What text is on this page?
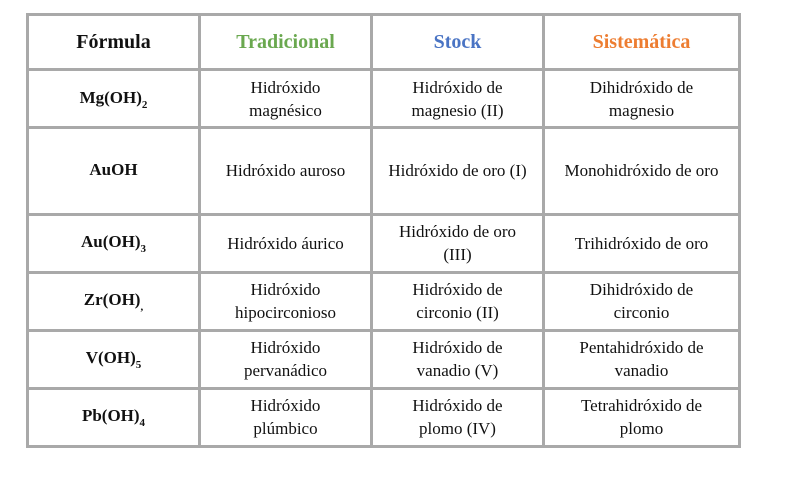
Fórmula	Tradicional	Stock	Sistemática
$Mg(OH)_2$	Hidróxido magnésico	Hidróxido de magnesio (II)	Dihidróxido de magnesio
AuOH	Hidróxido auroso	Hidróxido de oro (I)	Monohidróxido de oro
$Au(OH)_3$	Hidróxido áurico	Hidróxido de oro (III)	Trihidróxido de oro
$Zr(OH)_,$	Hidróxido hipocirconioso	Hidróxido de circonio (II)	Dihidróxido de circonio
$V(OH)_5$	Hidróxido pervanádico	Hidróxido de vanadio (V)	Pentahidróxido de vanadio
$Pb(OH)_4$	Hidróxido plúmbico	Hidróxido de plomo (IV)	Tetrahidróxido de plomo
